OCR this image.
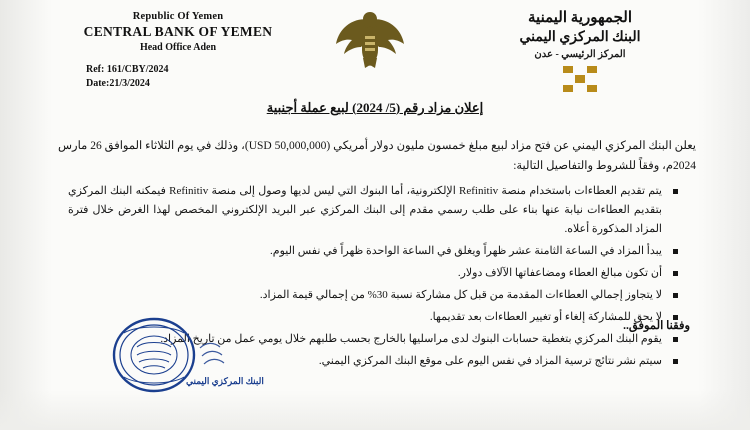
Republic Of Yemen
CENTRAL BANK OF YEMEN
Head Office Aden
Ref: 161/CBY/2024
Date:21/3/2024
الجمهورية اليمنية
البنك المركزي اليمني
المركز الرئيسي - عدن
إعلان مزاد رقم (5/ 2024) لبيع عملة أجنبية

يعلن البنك المركزي اليمني عن فتح مزاد لبيع مبلغ خمسون مليون دولار أمريكي (50,000,000 USD)، وذلك في يوم الثلاثاء الموافق 26 مارس 2024م، وفقاً للشروط والتفاصيل التالية:

يتم تقديم العطاءات باستخدام منصة Refinitiv الإلكترونية، أما البنوك التي ليس لديها وصول إلى منصة Refinitiv فيمكنه البنك المركزي بتقديم العطاءات نيابة عنها بناء على طلب رسمي مقدم إلى البنك المركزي عبر البريد الإلكتروني المخصص لهذا الغرض خلال فترة المزاد المذكورة أعلاه.
يبدأ المزاد في الساعة الثامنة عشر ظهراً ويغلق في الساعة الواحدة ظهراً في نفس اليوم.
أن تكون مبالغ العطاء ومضاعفاتها الآلاف دولار.
لا يتجاوز إجمالي العطاءات المقدمة من قبل كل مشاركة نسبة 30% من إجمالي قيمة المزاد.
لا يحق للمشاركة إلغاء أو تغيير العطاءات بعد تقديمها.
يقوم البنك المركزي بتغطية حسابات البنوك لدى مراسليها بالخارج بحسب طلبهم خلال يومي عمل من تاريخ المزاد.
سيتم نشر نتائج ترسية المزاد في نفس اليوم على موقع البنك المركزي اليمني.
وفقنا الموفق..
البنك المركزي اليمني
